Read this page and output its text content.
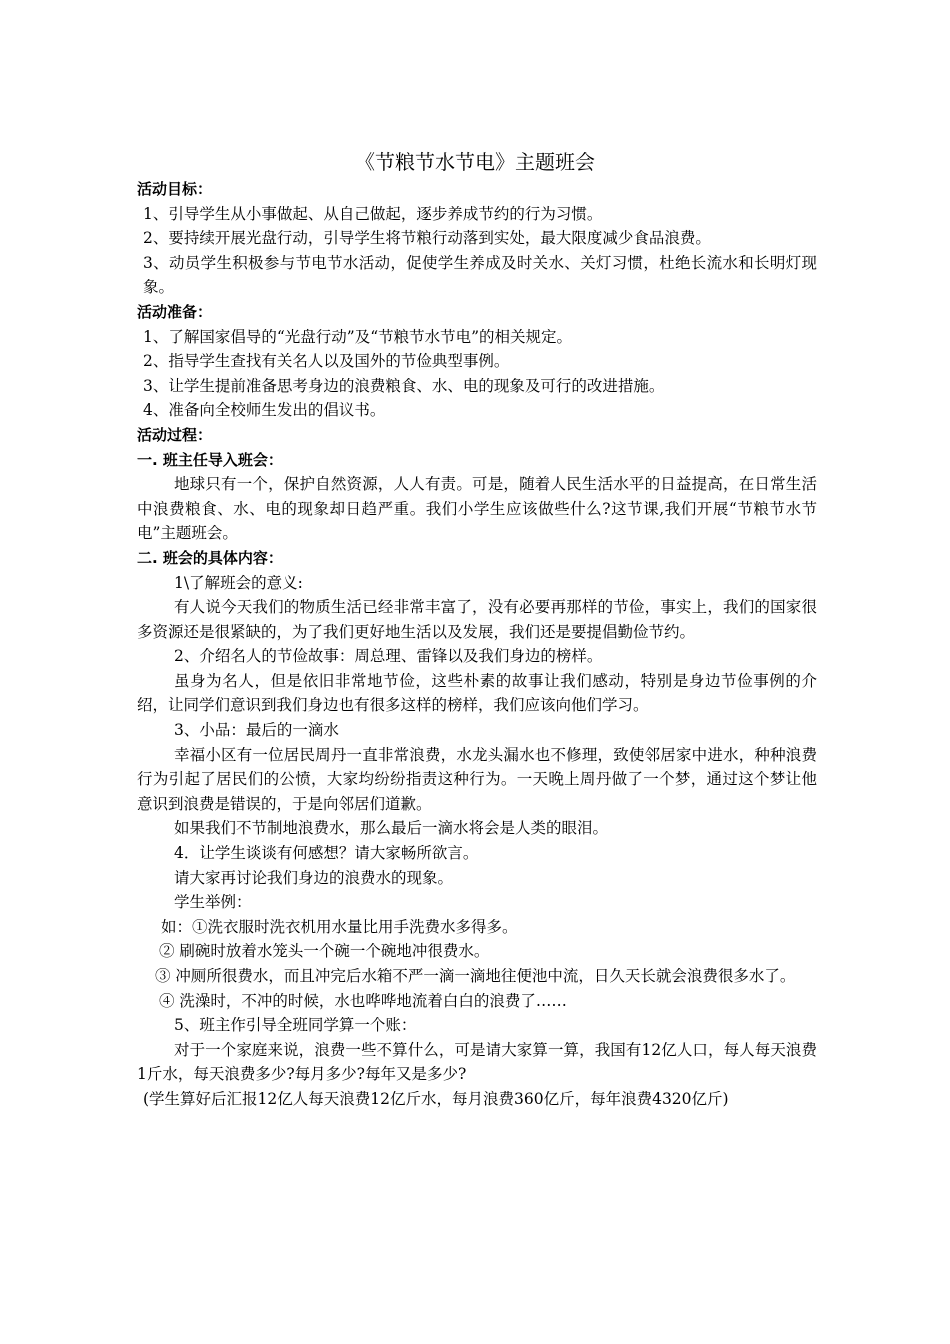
《节粮节水节电》主题班会

活动目标：

1、引导学生从小事做起、从自己做起，逐步养成节约的行为习惯。

2、要持续开展光盘行动，引导学生将节粮行动落到实处，最大限度减少食品浪费。

3、动员学生积极参与节电节水活动，促使学生养成及时关水、关灯习惯，杜绝长流水和长明灯现象。

活动准备：

1、了解国家倡导的“光盘行动”及“节粮节水节电”的相关规定。

2、指导学生查找有关名人以及国外的节俭典型事例。

3、让学生提前准备思考身边的浪费粮食、水、电的现象及可行的改进措施。

4、准备向全校师生发出的倡议书。

活动过程：

一. 班主任导入班会：

地球只有一个，保护自然资源，人人有责。可是，随着人民生活水平的日益提高，在日常生活中浪费粮食、水、电的现象却日趋严重。我们小学生应该做些什么?这节课,我们开展“节粮节水节电”主题班会。

二. 班会的具体内容：

1\了解班会的意义:

有人说今天我们的物质生活已经非常丰富了，没有必要再那样的节俭，事实上，我们的国家很多资源还是很紧缺的，为了我们更好地生活以及发展，我们还是要提倡勤俭节约。

2、介绍名人的节俭故事：周总理、雷锋以及我们身边的榜样。

虽身为名人，但是依旧非常地节俭，这些朴素的故事让我们感动，特别是身边节俭事例的介绍，让同学们意识到我们身边也有很多这样的榜样，我们应该向他们学习。

3、小品：最后的一滴水

幸福小区有一位居民周丹一直非常浪费，水龙头漏水也不修理，致使邻居家中进水，种种浪费行为引起了居民们的公愤，大家均纷纷指责这种行为。一天晚上周丹做了一个梦，通过这个梦让他意识到浪费是错误的，于是向邻居们道歉。

如果我们不节制地浪费水，那么最后一滴水将会是人类的眼泪。

4．让学生谈谈有何感想？请大家畅所欲言。

请大家再讨论我们身边的浪费水的现象。

学生举例：

如：①洗衣服时洗衣机用水量比用手洗费水多得多。

② 刷碗时放着水笼头一个碗一个碗地冲很费水。

③ 冲厕所很费水，而且冲完后水箱不严一滴一滴地往便池中流，日久天长就会浪费很多水了。

④ 洗澡时，不冲的时候，水也哗哗地流着白白的浪费了……

5、班主作引导全班同学算一个账：

对于一个家庭来说，浪费一些不算什么，可是请大家算一算，我国有12亿人口，每人每天浪费1斤水，每天浪费多少?每月多少?每年又是多少?

(学生算好后汇报12亿人每天浪费12亿斤水，每月浪费360亿斤，每年浪费4320亿斤)
